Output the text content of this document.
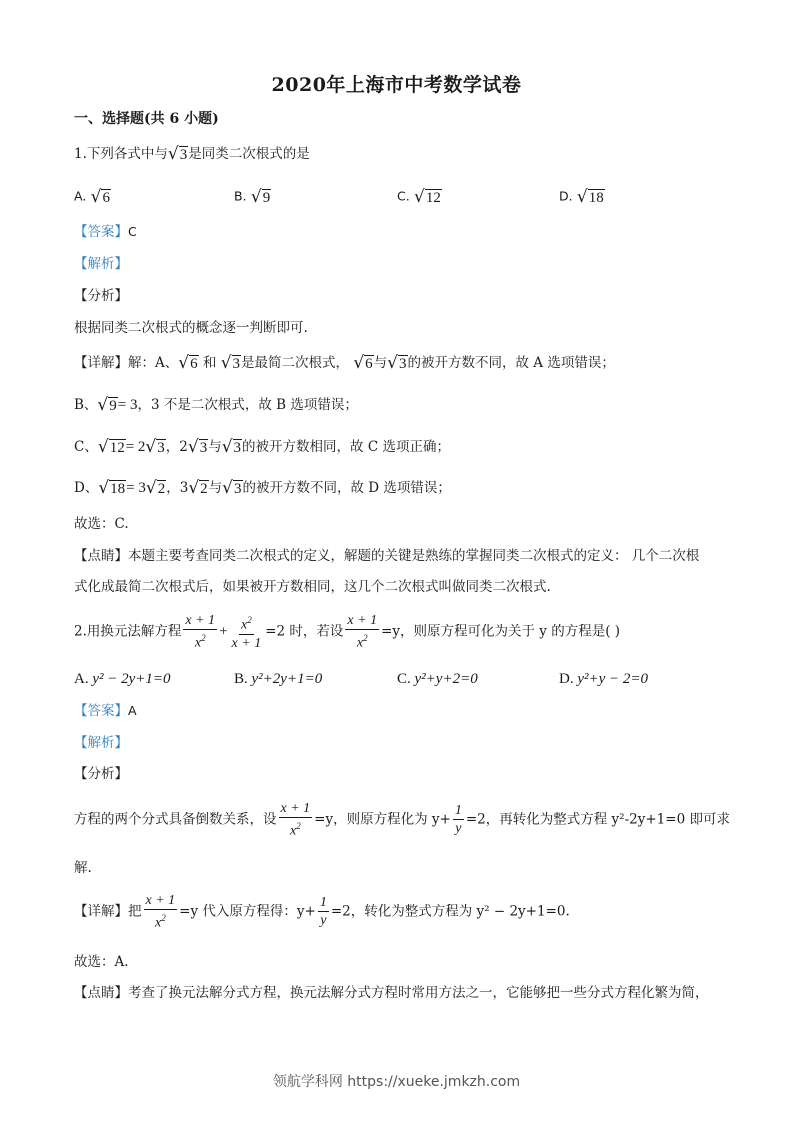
2020年上海市中考数学试卷
一、选择题(共 6 小题)
1.下列各式中与√3是同类二次根式的是
A. √6	B. √9	C. √12	D. √18
【答案】C
【解析】
【分析】
根据同类二次根式的概念逐一判断即可.
【详解】解：A、√6 和 √3是最简二次根式， √6与√3的被开方数不同，故 A 选项错误；
B、√9= 3，3 不是二次根式，故 B 选项错误；
C、√12= 2√3，2√3与√3的被开方数相同，故 C 选项正确；
D、√18= 3√2，3√2与√3的被开方数不同，故 D 选项错误；
故选：C.
【点睛】本题主要考查同类二次根式的定义，解题的关键是熟练的掌握同类二次根式的定义： 几个二次根
式化成最简二次根式后，如果被开方数相同，这几个二次根式叫做同类二次根式.
2.用换元法解方程 $\frac{x + 1}{x^2} + \frac{x^2}{x + 1} =2$ 时，若设 $\frac{x + 1}{x^2} =y$，则原方程可化为关于 y 的方程是( )
A. y² − 2y+1=0	B. y²+2y+1=0	C. y²+y+2=0	D. y²+y − 2=0
【答案】A
【解析】
【分析】
方程的两个分式具备倒数关系，设 $\frac{x + 1}{x^2} =y$，则原方程化为 $y+ \frac{1}{y} =2$，再转化为整式方程 y²-2y+1=0 即可求
解.
【详解】把 $\frac{x + 1}{x^2} =y$ 代入原方程得：$y+ \frac{1}{y} =2$，转化为整式方程为 y² − 2y+1=0.
故选：A.
【点睛】考查了换元法解分式方程，换元法解分式方程时常用方法之一，它能够把一些分式方程化繁为简，
领航学科网 https://xueke.jmkzh.com
